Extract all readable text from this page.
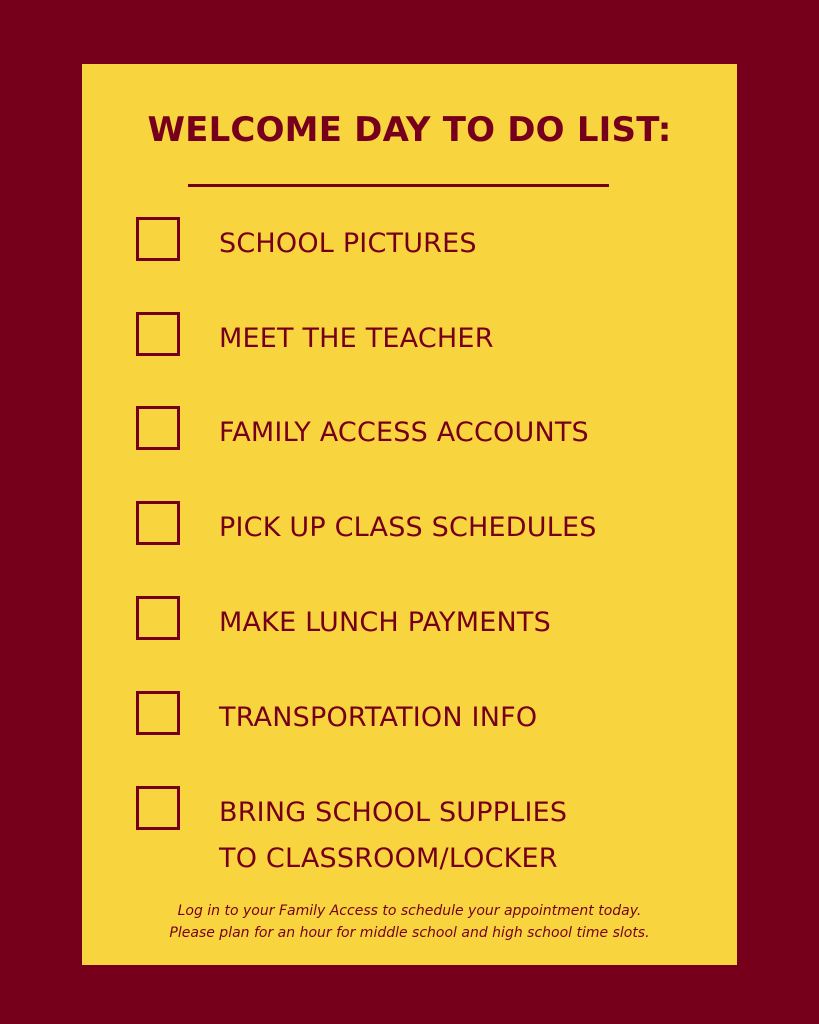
WELCOME DAY TO DO LIST:
SCHOOL PICTURES
MEET THE TEACHER
FAMILY ACCESS ACCOUNTS
PICK UP CLASS SCHEDULES
MAKE LUNCH PAYMENTS
TRANSPORTATION INFO
BRING SCHOOL SUPPLIES
TO CLASSROOM/LOCKER
Log in to your Family Access to schedule your appointment today.
Please plan for an hour for middle school and high school time slots.
